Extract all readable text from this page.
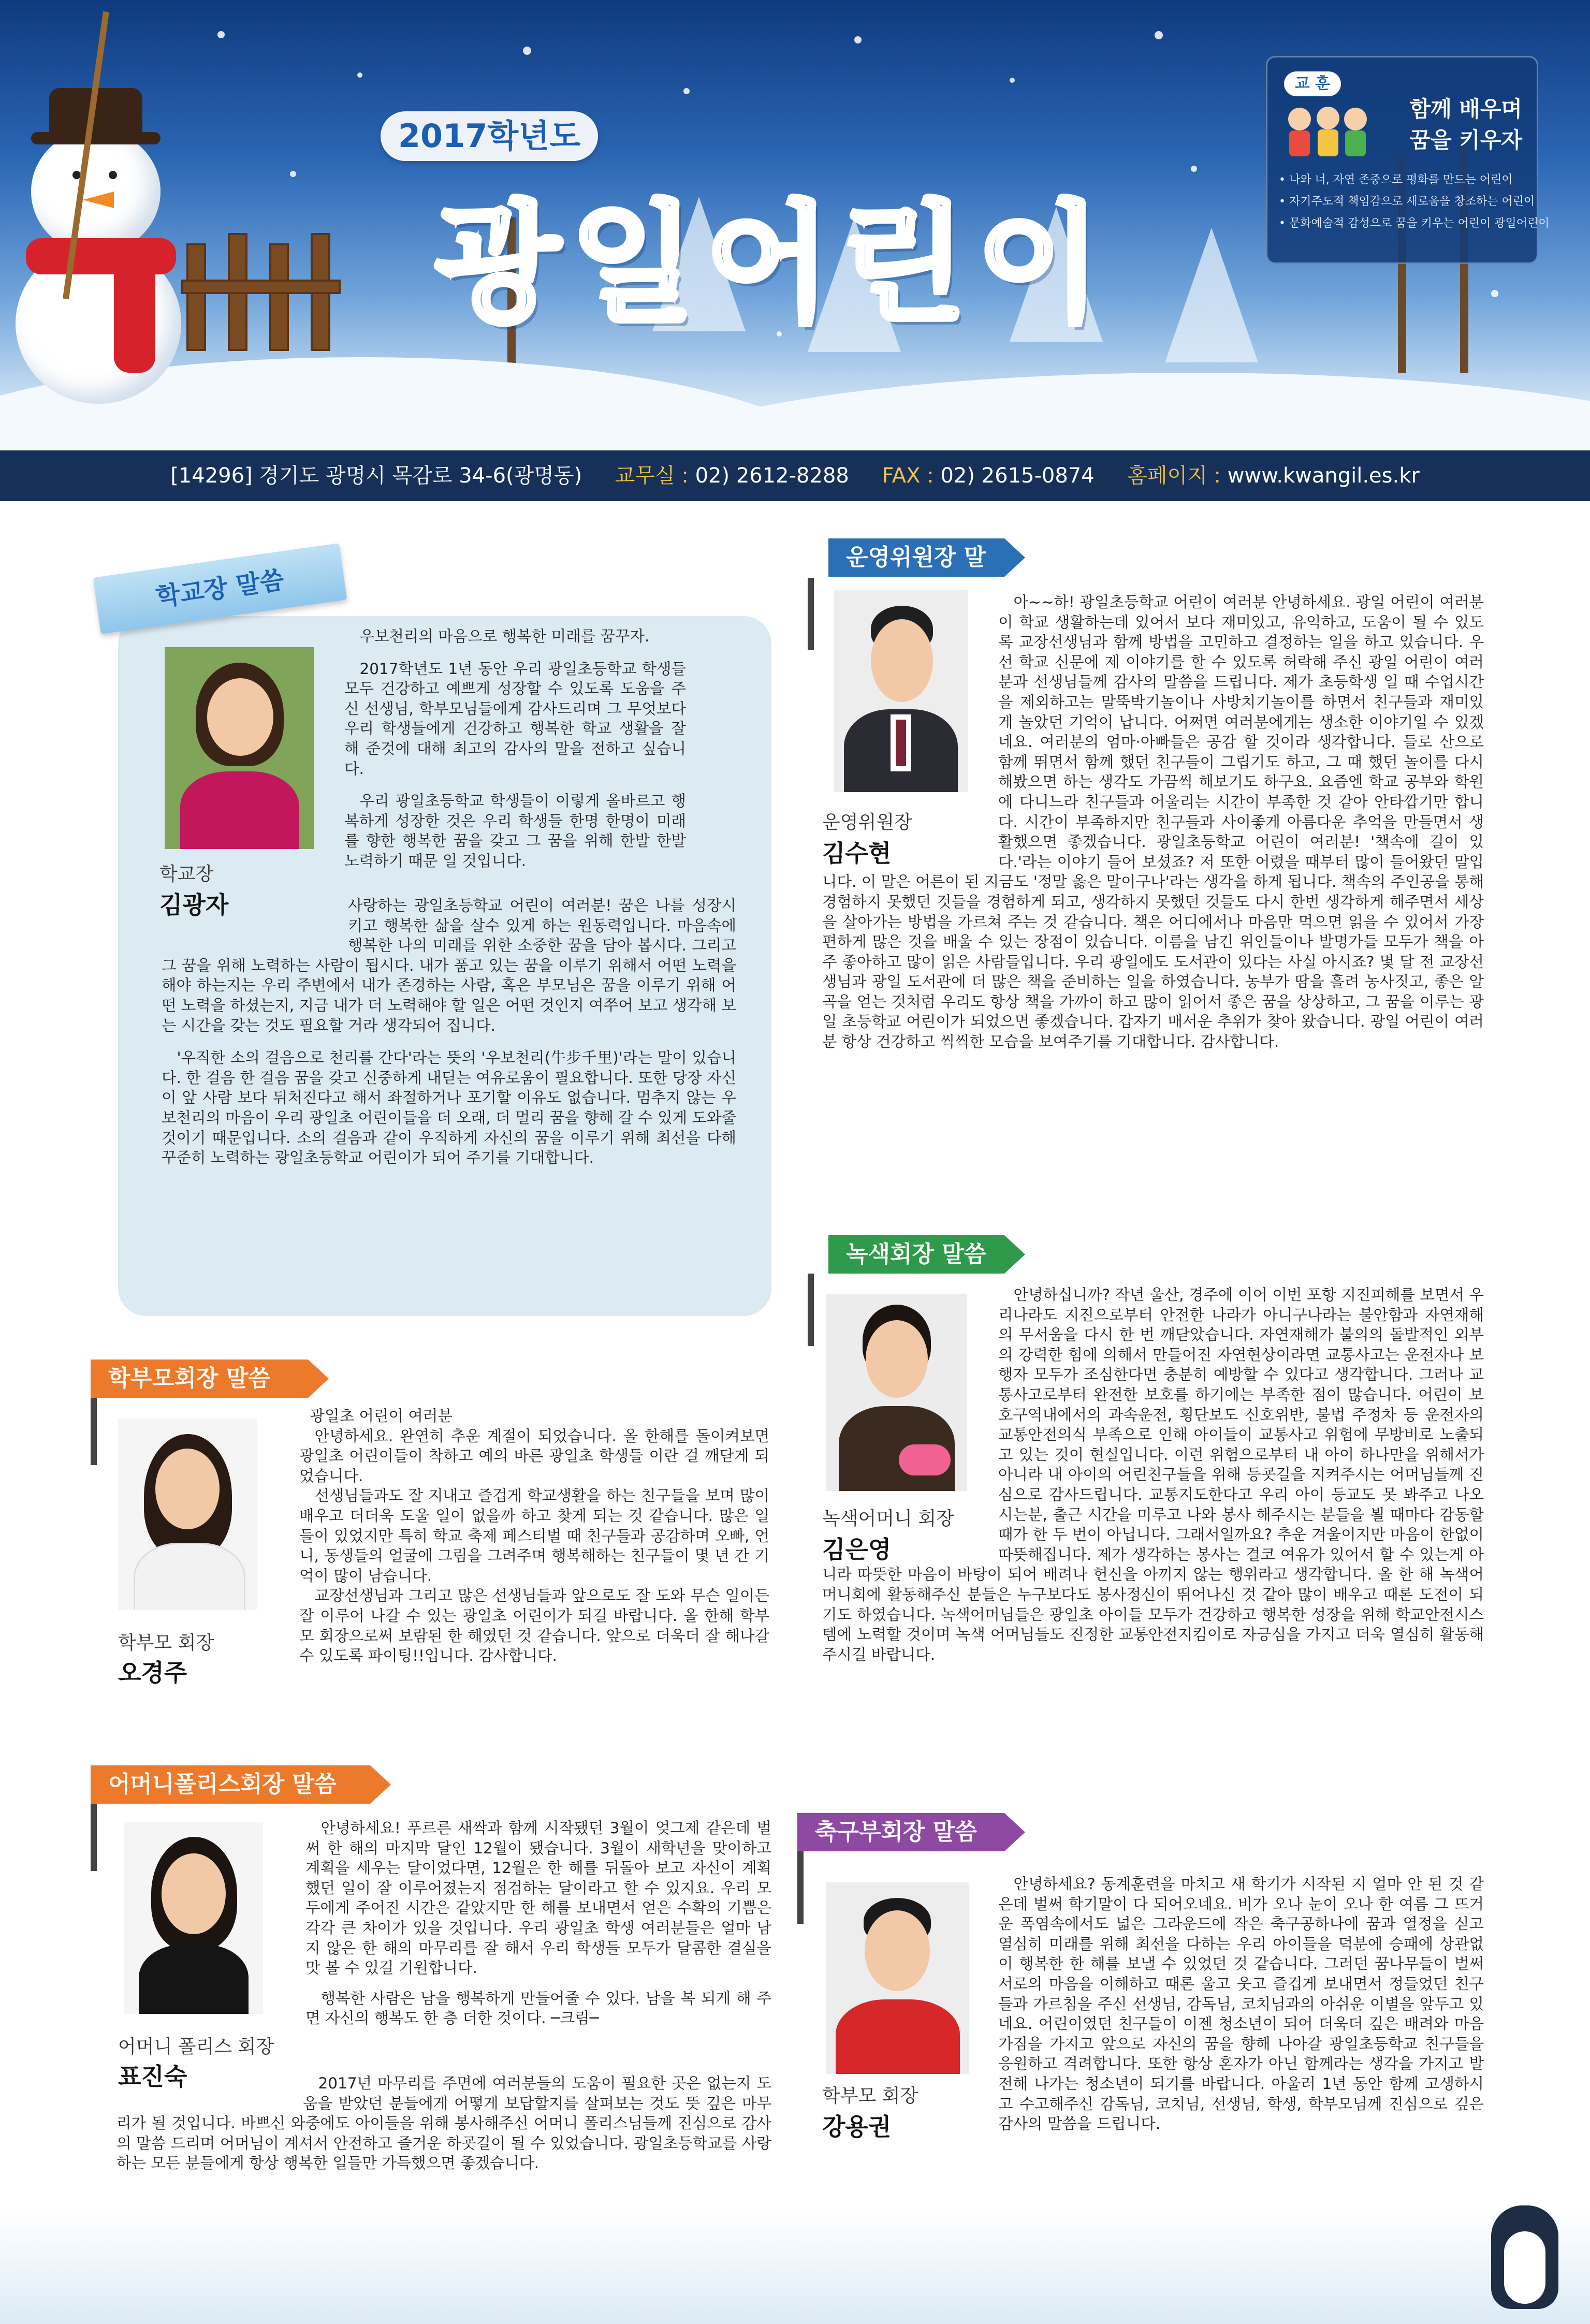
2017학년도
광일어린이
교 훈
함께 배우며
꿈을 키우자
• 나와 너, 자연 존중으로 평화를 만드는 어린이
• 자기주도적 책임감으로 새로움을 창조하는 어린이
• 문화예술적 감성으로 꿈을 키우는 어린이 광일어린이
[14296] 경기도 광명시 목감로 34-6(광명동) 교무실 : 02) 2612-8288 FAX : 02) 2615-0874 홈페이지 : www.kwangil.es.kr
학교장 말씀
학교장
김광자

우보천리의 마음으로 행복한 미래를 꿈꾸자.

2017학년도 1년 동안 우리 광일초등학교 학생들 모두 건강하고 예쁘게 성장할 수 있도록 도움을 주신 선생님, 학부모님들에게 감사드리며 그 무엇보다 우리 학생들에게 건강하고 행복한 학교 생활을 잘 해 준것에 대해 최고의 감사의 말을 전하고 싶습니다.

우리 광일초등학교 학생들이 이렇게 올바르고 행복하게 성장한 것은 우리 학생들 한명 한명이 미래를 향한 행복한 꿈을 갖고 그 꿈을 위해 한발 한발 노력하기 때문 일 것입니다.

사랑하는 광일초등학교 어린이 여러분! 꿈은 나를 성장시키고 행복한 삶을 살수 있게 하는 원동력입니다. 마음속에 행복한 나의 미래를 위한 소중한 꿈을 담아 봅시다. 그리고 그 꿈을 위해 노력하는 사람이 됩시다. 내가 품고 있는 꿈을 이루기 위해서 어떤 노력을 해야 하는지는 우리 주변에서 내가 존경하는 사람, 혹은 부모님은 꿈을 이루기 위해 어떤 노력을 하셨는지, 지금 내가 더 노력해야 할 일은 어떤 것인지 여쭈어 보고 생각해 보는 시간을 갖는 것도 필요할 거라 생각되어 집니다.

'우직한 소의 걸음으로 천리를 간다'라는 뜻의 '우보천리(牛步千里)'라는 말이 있습니다. 한 걸음 한 걸음 꿈을 갖고 신중하게 내딛는 여유로움이 필요합니다. 또한 당장 자신이 앞 사람 보다 뒤처진다고 해서 좌절하거나 포기할 이유도 없습니다. 멈추지 않는 우보천리의 마음이 우리 광일초 어린이들을 더 오래, 더 멀리 꿈을 향해 갈 수 있게 도와줄 것이기 때문입니다. 소의 걸음과 같이 우직하게 자신의 꿈을 이루기 위해 최선을 다해 꾸준히 노력하는 광일초등학교 어린이가 되어 주기를 기대합니다.

운영위원장 말
운영위원장
김수현

아~~하! 광일초등학교 어린이 여러분 안녕하세요. 광일 어린이 여러분이 학교 생활하는데 있어서 보다 재미있고, 유익하고, 도움이 될 수 있도록 교장선생님과 함께 방법을 고민하고 결정하는 일을 하고 있습니다. 우선 학교 신문에 제 이야기를 할 수 있도록 허락해 주신 광일 어린이 여러분과 선생님들께 감사의 말씀을 드립니다. 제가 초등학생 일 때 수업시간을 제외하고는 말뚝박기놀이나 사방치기놀이를 하면서 친구들과 재미있게 놀았던 기억이 납니다. 어쩌면 여러분에게는 생소한 이야기일 수 있겠네요. 여러분의 엄마·아빠들은 공감 할 것이라 생각합니다. 들로 산으로 함께 뛰면서 함께 했던 친구들이 그립기도 하고, 그 때 했던 놀이를 다시 해봤으면 하는 생각도 가끔씩 해보기도 하구요. 요즘엔 학교 공부와 학원에 다니느라 친구들과 어울리는 시간이 부족한 것 같아 안타깝기만 합니다. 시간이 부족하지만 친구들과 사이좋게 아름다운 추억을 만들면서 생활했으면 좋겠습니다. 광일초등학교 어린이 여러분! '책속에 길이 있다.'라는 이야기 들어 보셨죠? 저 또한 어렸을 때부터 많이 들어왔던 말입니다. 이 말은 어른이 된 지금도 '정말 옳은 말이구나'라는 생각을 하게 됩니다. 책속의 주인공을 통해 경험하지 못했던 것들을 경험하게 되고, 생각하지 못했던 것들도 다시 한번 생각하게 해주면서 세상을 살아가는 방법을 가르쳐 주는 것 같습니다. 책은 어디에서나 마음만 먹으면 읽을 수 있어서 가장 편하게 많은 것을 배울 수 있는 장점이 있습니다. 이름을 남긴 위인들이나 발명가들 모두가 책을 아주 좋아하고 많이 읽은 사람들입니다. 우리 광일에도 도서관이 있다는 사실 아시죠? 몇 달 전 교장선생님과 광일 도서관에 더 많은 책을 준비하는 일을 하였습니다. 농부가 땀을 흘려 농사짓고, 좋은 알곡을 얻는 것처럼 우리도 항상 책을 가까이 하고 많이 읽어서 좋은 꿈을 상상하고, 그 꿈을 이루는 광일 초등학교 어린이가 되었으면 좋겠습니다. 갑자기 매서운 추위가 찾아 왔습니다. 광일 어린이 여러분 항상 건강하고 씩씩한 모습을 보여주기를 기대합니다. 감사합니다.

학부모회장 말씀
학부모 회장
오경주

광일초 어린이 여러분

안녕하세요. 완연히 추운 계절이 되었습니다. 올 한해를 돌이켜보면 광일초 어린이들이 착하고 예의 바른 광일초 학생들 이란 걸 깨닫게 되었습니다.

선생님들과도 잘 지내고 즐겁게 학교생활을 하는 친구들을 보며 많이 배우고 더더욱 도울 일이 없을까 하고 찾게 되는 것 같습니다. 많은 일들이 있었지만 특히 학교 축제 페스티벌 때 친구들과 공감하며 오빠, 언니, 동생들의 얼굴에 그림을 그려주며 행복해하는 친구들이 몇 년 간 기억이 많이 남습니다.

교장선생님과 그리고 많은 선생님들과 앞으로도 잘 도와 무슨 일이든 잘 이루어 나갈 수 있는 광일초 어린이가 되길 바랍니다. 올 한해 학부모 회장으로써 보람된 한 해였던 것 같습니다. 앞으로 더욱더 잘 해나갈 수 있도록 파이팅!!입니다. 감사합니다.

어머니폴리스회장 말씀
어머니 폴리스 회장
표진숙

안녕하세요! 푸르른 새싹과 함께 시작됐던 3월이 엊그제 같은데 벌써 한 해의 마지막 달인 12월이 됐습니다. 3월이 새학년을 맞이하고 계획을 세우는 달이었다면, 12월은 한 해를 뒤돌아 보고 자신이 계획했던 일이 잘 이루어졌는지 점검하는 달이라고 할 수 있지요. 우리 모두에게 주어진 시간은 같았지만 한 해를 보내면서 얻은 수확의 기쁨은 각각 큰 차이가 있을 것입니다. 우리 광일초 학생 여러분들은 얼마 남지 않은 한 해의 마무리를 잘 해서 우리 학생들 모두가 달콤한 결실을 맛 볼 수 있길 기원합니다.

행복한 사람은 남을 행복하게 만들어줄 수 있다. 남을 복 되게 해 주면 자신의 행복도 한 층 더한 것이다. ─크림─

2017년 마무리를 주면에 여러분들의 도움이 필요한 곳은 없는지 도움을 받았던 분들에게 어떻게 보답할지를 살펴보는 것도 뜻 깊은 마무리가 될 것입니다. 바쁘신 와중에도 아이들을 위해 봉사해주신 어머니 폴리스님들께 진심으로 감사의 말씀 드리며 어머님이 계셔서 안전하고 즐거운 하굣길이 될 수 있었습니다. 광일초등학교를 사랑하는 모든 분들에게 항상 행복한 일들만 가득했으면 좋겠습니다.

녹색회장 말씀
녹색어머니 회장
김은영

안녕하십니까? 작년 울산, 경주에 이어 이번 포항 지진피해를 보면서 우리나라도 지진으로부터 안전한 나라가 아니구나라는 불안함과 자연재해의 무서움을 다시 한 번 깨닫았습니다. 자연재해가 불의의 돌발적인 외부의 강력한 힘에 의해서 만들어진 자연현상이라면 교통사고는 운전자나 보행자 모두가 조심한다면 충분히 예방할 수 있다고 생각합니다. 그러나 교통사고로부터 완전한 보호를 하기에는 부족한 점이 많습니다. 어린이 보호구역내에서의 과속운전, 횡단보도 신호위반, 불법 주정차 등 운전자의 교통안전의식 부족으로 인해 아이들이 교통사고 위험에 무방비로 노출되고 있는 것이 현실입니다. 이런 위험으로부터 내 아이 하나만을 위해서가 아니라 내 아이의 어린친구들을 위해 등굣길을 지켜주시는 어머님들께 진심으로 감사드립니다. 교통지도한다고 우리 아이 등교도 못 봐주고 나오시는분, 출근 시간을 미루고 나와 봉사 해주시는 분들을 뵐 때마다 감동할 때가 한 두 번이 아닙니다. 그래서일까요? 추운 겨울이지만 마음이 한없이 따뜻해집니다. 제가 생각하는 봉사는 결코 여유가 있어서 할 수 있는게 아니라 따뜻한 마음이 바탕이 되어 배려나 헌신을 아끼지 않는 행위라고 생각합니다. 올 한 해 녹색어머니회에 활동해주신 분들은 누구보다도 봉사정신이 뛰어나신 것 같아 많이 배우고 때론 도전이 되기도 하였습니다. 녹색어머님들은 광일초 아이들 모두가 건강하고 행복한 성장을 위해 학교안전시스템에 노력할 것이며 녹색 어머님들도 진정한 교통안전지킴이로 자긍심을 가지고 더욱 열심히 활동해 주시길 바랍니다.

축구부회장 말씀
학부모 회장
강용권

안녕하세요? 동계훈련을 마치고 새 학기가 시작된 지 얼마 안 된 것 같은데 벌써 학기말이 다 되어오네요. 비가 오나 눈이 오나 한 여름 그 뜨거운 폭염속에서도 넓은 그라운드에 작은 축구공하나에 꿈과 열정을 싣고 열심히 미래를 위해 최선을 다하는 우리 아이들을 덕분에 승패에 상관없이 행복한 한 해를 보낼 수 있었던 것 같습니다. 그러던 꿈나무들이 벌써 서로의 마음을 이해하고 때론 울고 웃고 즐겁게 보내면서 정들었던 친구들과 가르침을 주신 선생님, 감독님, 코치님과의 아쉬운 이별을 앞두고 있네요. 어린이였던 친구들이 이젠 청소년이 되어 더욱더 깊은 배려와 마음가짐을 가지고 앞으로 자신의 꿈을 향해 나아갈 광일초등학교 친구들을 응원하고 격려합니다. 또한 항상 혼자가 아닌 함께라는 생각을 가지고 발전해 나가는 청소년이 되기를 바랍니다. 아울러 1년 동안 함께 고생하시고 수고해주신 감독님, 코치님, 선생님, 학생, 학부모님께 진심으로 깊은 감사의 말씀을 드립니다.
